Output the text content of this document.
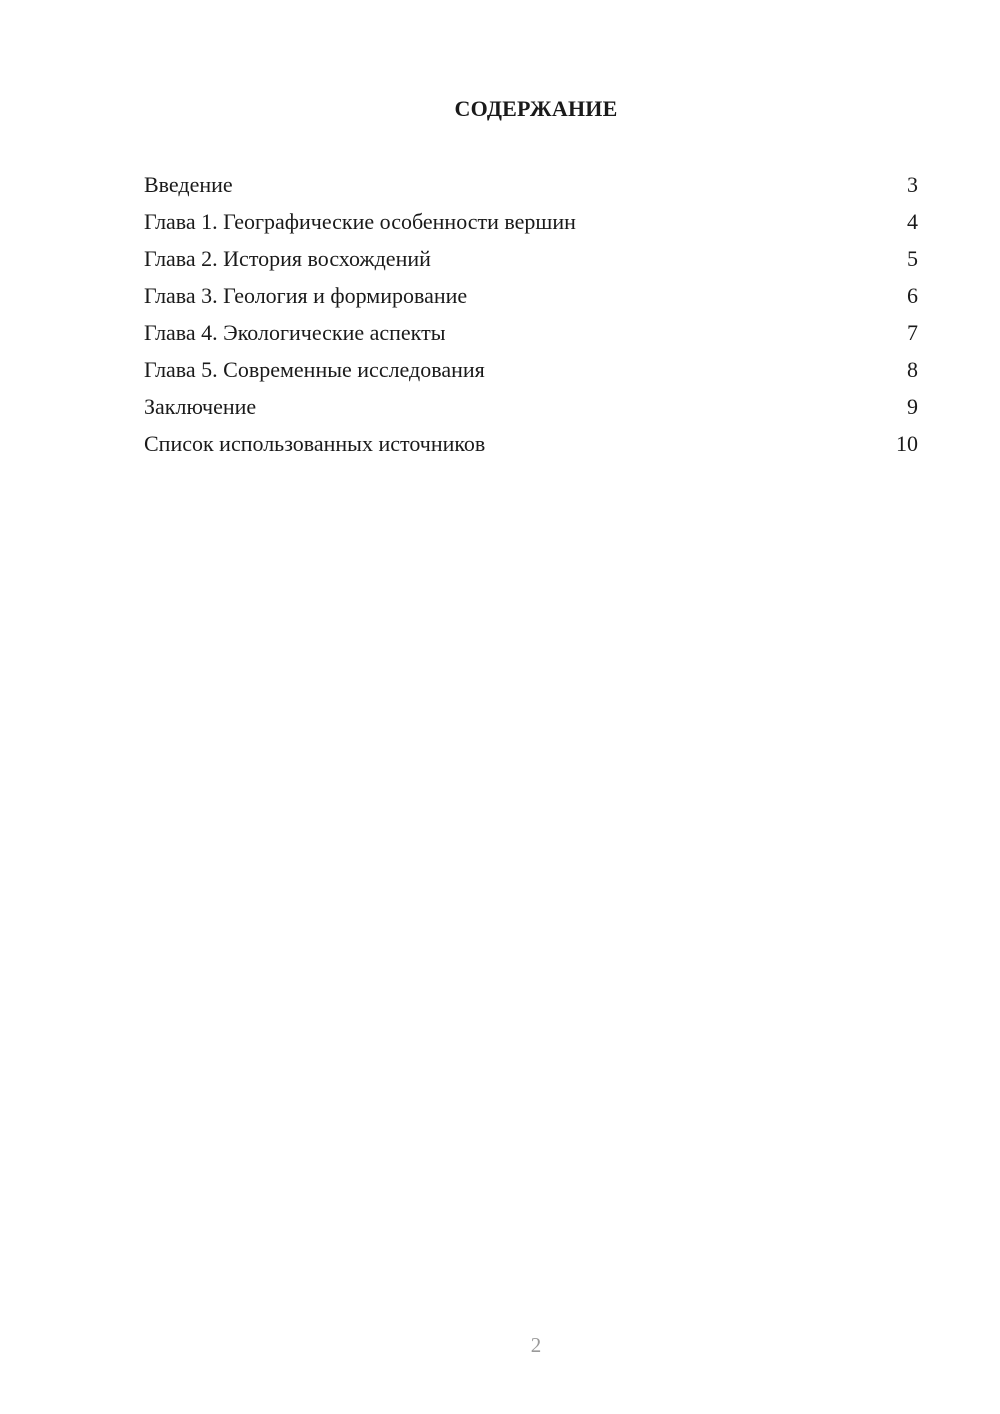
СОДЕРЖАНИЕ
Введение	3
Глава 1. Географические особенности вершин	4
Глава 2. История восхождений	5
Глава 3. Геология и формирование	6
Глава 4. Экологические аспекты	7
Глава 5. Современные исследования	8
Заключение	9
Список использованных источников	10
2
